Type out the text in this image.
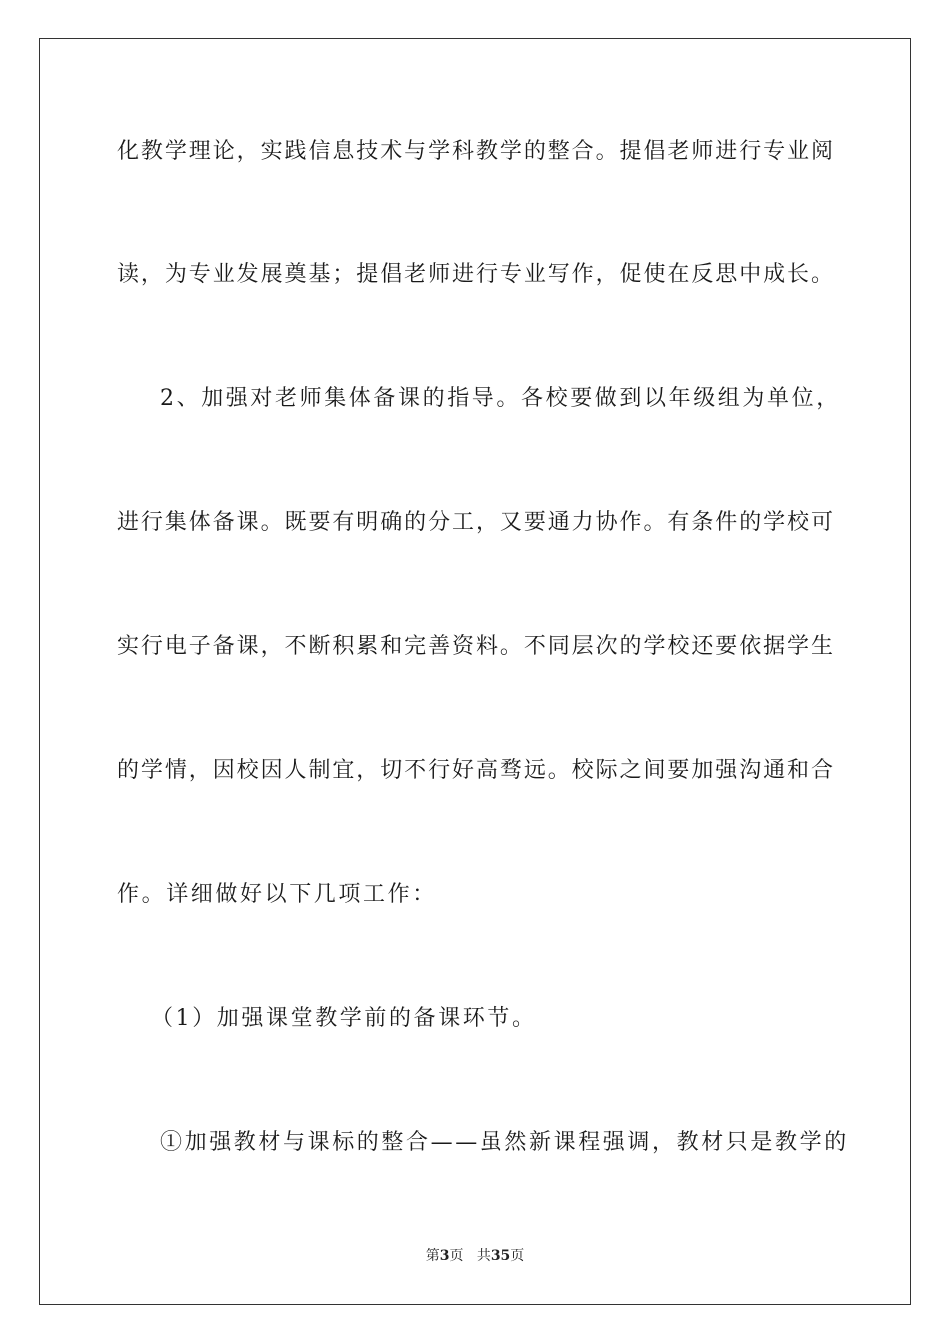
化教学理论，实践信息技术与学科教学的整合。提倡老师进行专业阅
读，为专业发展奠基；提倡老师进行专业写作，促使在反思中成长。
2、加强对老师集体备课的指导。各校要做到以年级组为单位，
进行集体备课。既要有明确的分工，又要通力协作。有条件的学校可
实行电子备课，不断积累和完善资料。不同层次的学校还要依据学生
的学情，因校因人制宜，切不行好高骛远。校际之间要加强沟通和合
作。详细做好以下几项工作：
（1）加强课堂教学前的备课环节。
①加强教材与课标的整合——虽然新课程强调，教材只是教学的
第3页 共35页
